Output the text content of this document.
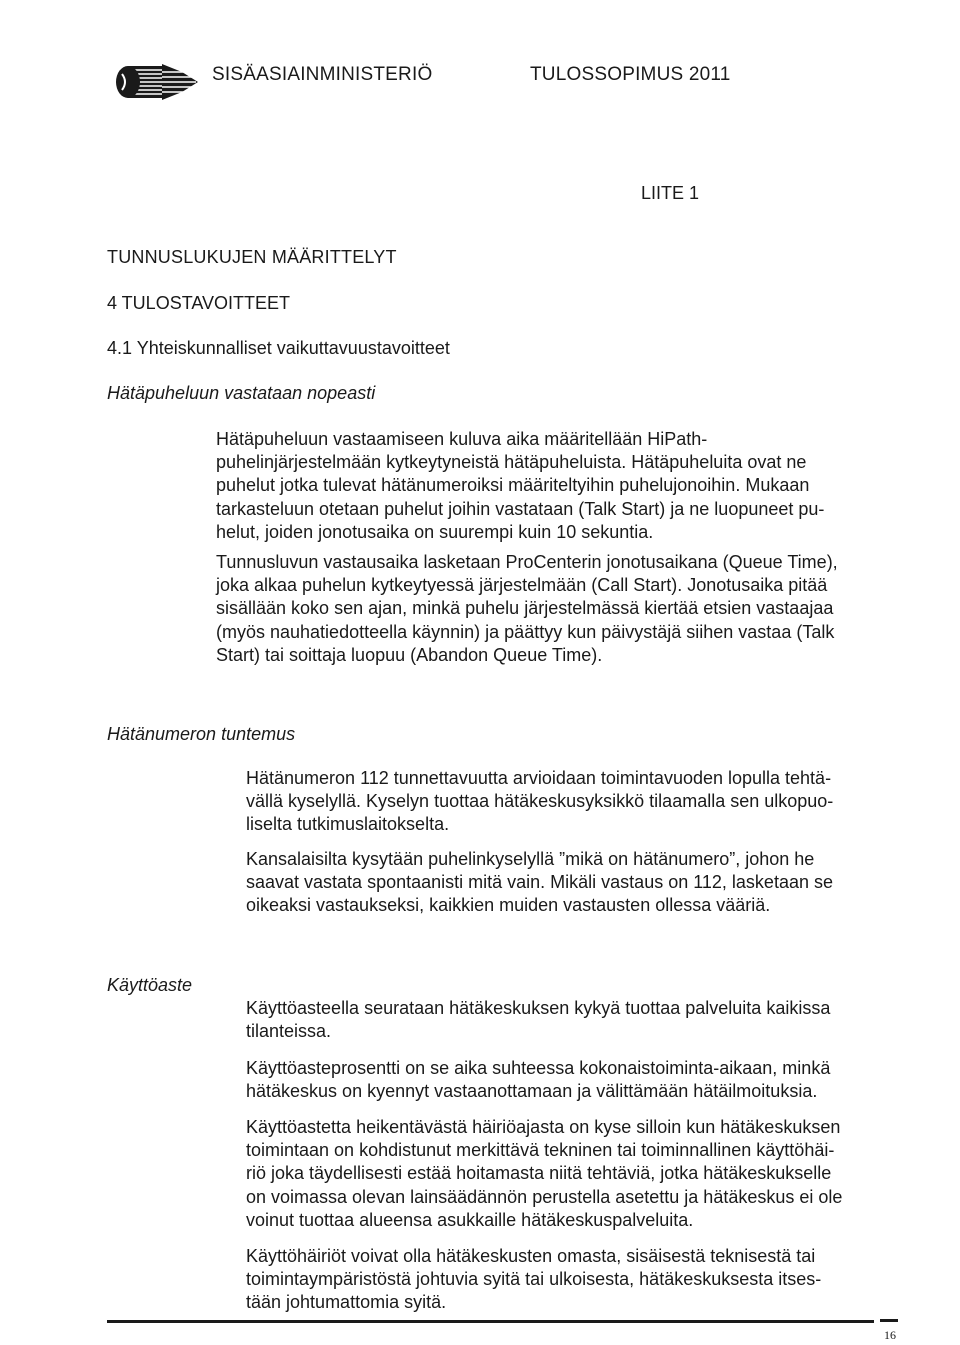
SISÄASIAINMINISTERIÖ	TULOSSOPIMUS 2011
LIITE 1
TUNNUSLUKUJEN MÄÄRITTELYT
4 TULOSTAVOITTEET
4.1 Yhteiskunnalliset vaikuttavuustavoitteet
Hätäpuheluun vastataan nopeasti

Hätäpuheluun vastaamiseen kuluva aika määritellään HiPath-
puhelinjärjestelmään kytkeytyneistä hätäpuheluista. Hätäpuheluita ovat ne
puhelut jotka tulevat hätänumeroiksi määriteltyihin puhelujonoihin. Mukaan
tarkasteluun otetaan puhelut joihin vastataan (Talk Start) ja ne luopuneet pu-
helut, joiden jonotusaika on suurempi kuin 10 sekuntia.

Tunnusluvun vastausaika lasketaan ProCenterin jonotusaikana (Queue Time),
joka alkaa puhelun kytkeytyessä järjestelmään (Call Start). Jonotusaika pitää
sisällään koko sen ajan, minkä puhelu järjestelmässä kiertää etsien vastaajaa
(myös nauhatiedotteella käynnin) ja päättyy kun päivystäjä siihen vastaa (Talk
Start) tai soittaja luopuu (Abandon Queue Time).

Hätänumeron tuntemus

Hätänumeron 112 tunnettavuutta arvioidaan toimintavuoden lopulla tehtä-
vällä kyselyllä. Kyselyn tuottaa hätäkeskusyksikkö tilaamalla sen ulkopuo-
liselta tutkimuslaitokselta.

Kansalaisilta kysytään puhelinkyselyllä ”mikä on hätänumero”, johon he
saavat vastata spontaanisti mitä vain. Mikäli vastaus on 112, lasketaan se
oikeaksi vastaukseksi, kaikkien muiden vastausten ollessa vääriä.

Käyttöaste

Käyttöasteella seurataan hätäkeskuksen kykyä tuottaa palveluita kaikissa
tilanteissa.

Käyttöasteprosentti on se aika suhteessa kokonaistoiminta-aikaan, minkä
hätäkeskus on kyennyt vastaanottamaan ja välittämään hätäilmoituksia.

Käyttöastetta heikentävästä häiriöajasta on kyse silloin kun hätäkeskuksen
toimintaan on kohdistunut merkittävä tekninen tai toiminnallinen käyttöhäi-
riö joka täydellisesti estää hoitamasta niitä tehtäviä, jotka hätäkeskukselle
on voimassa olevan lainsäädännön perustella asetettu ja hätäkeskus ei ole
voinut tuottaa alueensa asukkaille hätäkeskuspalveluita.

Käyttöhäiriöt voivat olla hätäkeskusten omasta, sisäisestä teknisestä tai
toimintaympäristöstä johtuvia syitä tai ulkoisesta, hätäkeskuksesta itses-
tään johtumattomia syitä.

16
